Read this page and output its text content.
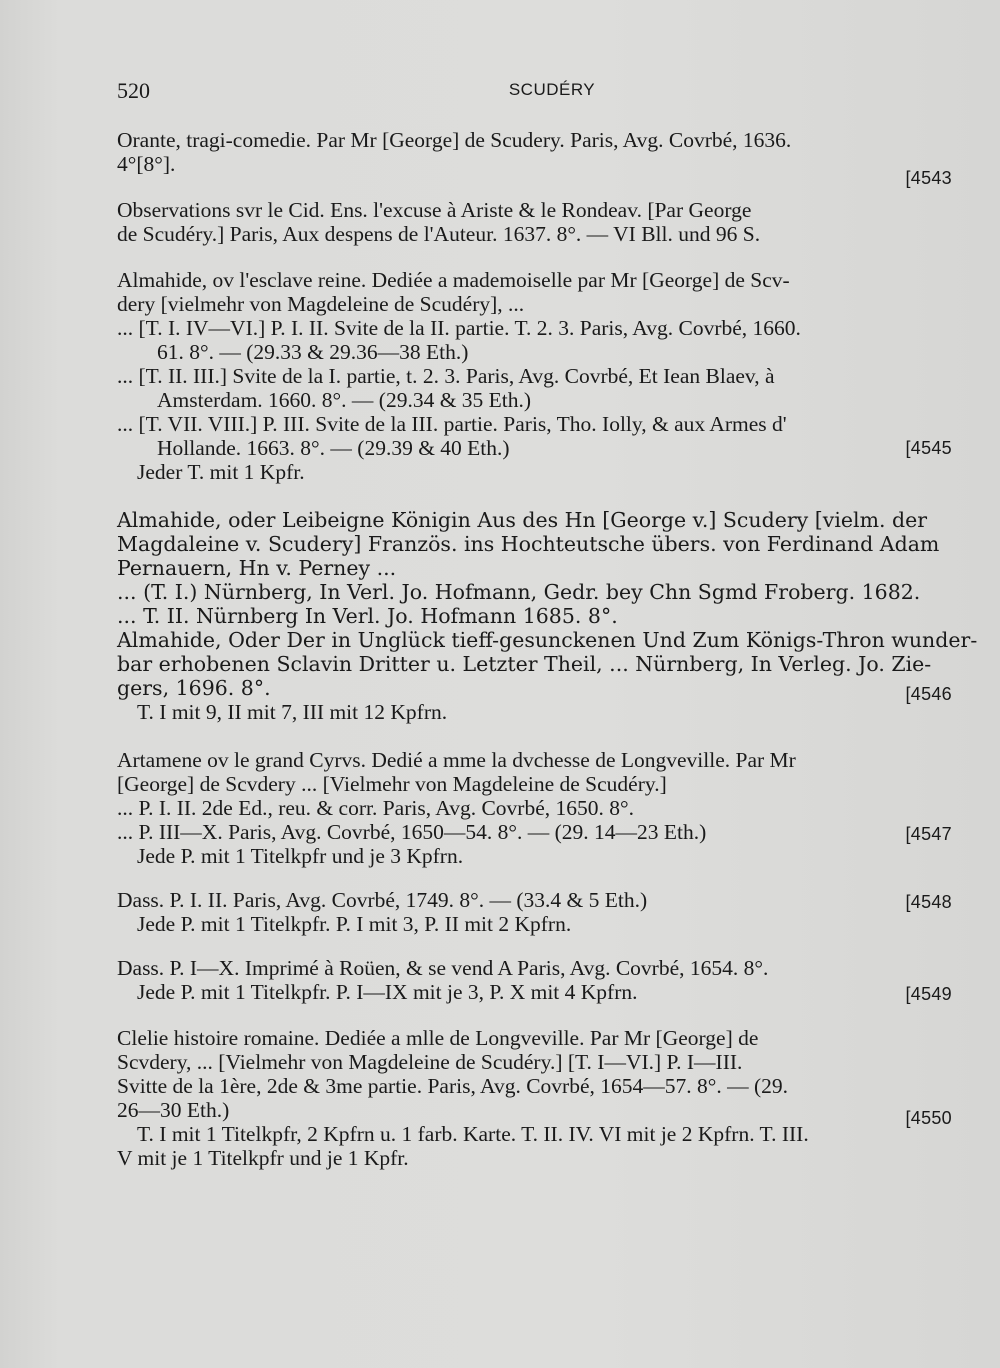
520	SCUDÉRY
Orante, tragi-comedie. Par Mr [George] de Scudery. Paris, Avg. Covrbé, 1636.
4°[8°].
[4543
Observations svr le Cid. Ens. l'excuse à Ariste & le Rondeav. [Par George
de Scudéry.] Paris, Aux despens de l'Auteur. 1637. 8°. — VI Bll. und 96 S.
Almahide, ov l'esclave reine. Dediée a mademoiselle par Mr [George] de Scv-
dery [vielmehr von Magdeleine de Scudéry], ...
... [T. I. IV—VI.] P. I. II. Svite de la II. partie. T. 2. 3. Paris, Avg. Covrbé, 1660.
61. 8°. — (29.33 & 29.36—38 Eth.)
... [T. II. III.] Svite de la I. partie, t. 2. 3. Paris, Avg. Covrbé, Et Iean Blaev, à
Amsterdam. 1660. 8°. — (29.34 & 35 Eth.)
... [T. VII. VIII.] P. III. Svite de la III. partie. Paris, Tho. Iolly, & aux Armes d'
Hollande. 1663. 8°. — (29.39 & 40 Eth.)
Jeder T. mit 1 Kpfr.
[4545
Almahide, oder Leibeigne Königin Aus des Hn [George v.] Scudery [vielm. der
Magdaleine v. Scudery] Französ. ins Hochteutsche übers. von Ferdinand Adam
Pernauern, Hn v. Perney ...
... (T. I.) Nürnberg, In Verl. Jo. Hofmann, Gedr. bey Chn Sgmd Froberg. 1682.
... T. II. Nürnberg In Verl. Jo. Hofmann 1685. 8°.
Almahide, Oder Der in Unglück tieff-gesunckenen Und Zum Königs-Thron wunder-
bar erhobenen Sclavin Dritter u. Letzter Theil, ... Nürnberg, In Verleg. Jo. Zie-
gers, 1696. 8°.
T. I mit 9, II mit 7, III mit 12 Kpfrn.
[4546
Artamene ov le grand Cyrvs. Dedié a mme la dvchesse de Longveville. Par Mr
[George] de Scvdery ... [Vielmehr von Magdeleine de Scudéry.]
... P. I. II. 2de Ed., reu. & corr. Paris, Avg. Covrbé, 1650. 8°.
... P. III—X. Paris, Avg. Covrbé, 1650—54. 8°. — (29. 14—23 Eth.)
Jede P. mit 1 Titelkpfr und je 3 Kpfrn.
[4547
Dass. P. I. II. Paris, Avg. Covrbé, 1749. 8°. — (33.4 & 5 Eth.)
Jede P. mit 1 Titelkpfr. P. I mit 3, P. II mit 2 Kpfrn.
[4548
Dass. P. I—X. Imprimé à Roüen, & se vend A Paris, Avg. Covrbé, 1654. 8°.
Jede P. mit 1 Titelkpfr. P. I—IX mit je 3, P. X mit 4 Kpfrn.	[4549
Clelie histoire romaine. Dediée a mlle de Longveville. Par Mr [George] de
Scvdery, ... [Vielmehr von Magdeleine de Scudéry.] [T. I—VI.] P. I—III.
Svitte de la 1ère, 2de & 3me partie. Paris, Avg. Covrbé, 1654—57. 8°. — (29.
26—30 Eth.)
T. I mit 1 Titelkpfr, 2 Kpfrn u. 1 farb. Karte. T. II. IV. VI mit je 2 Kpfrn. T. III.
V mit je 1 Titelkpfr und je 1 Kpfr.
[4550
